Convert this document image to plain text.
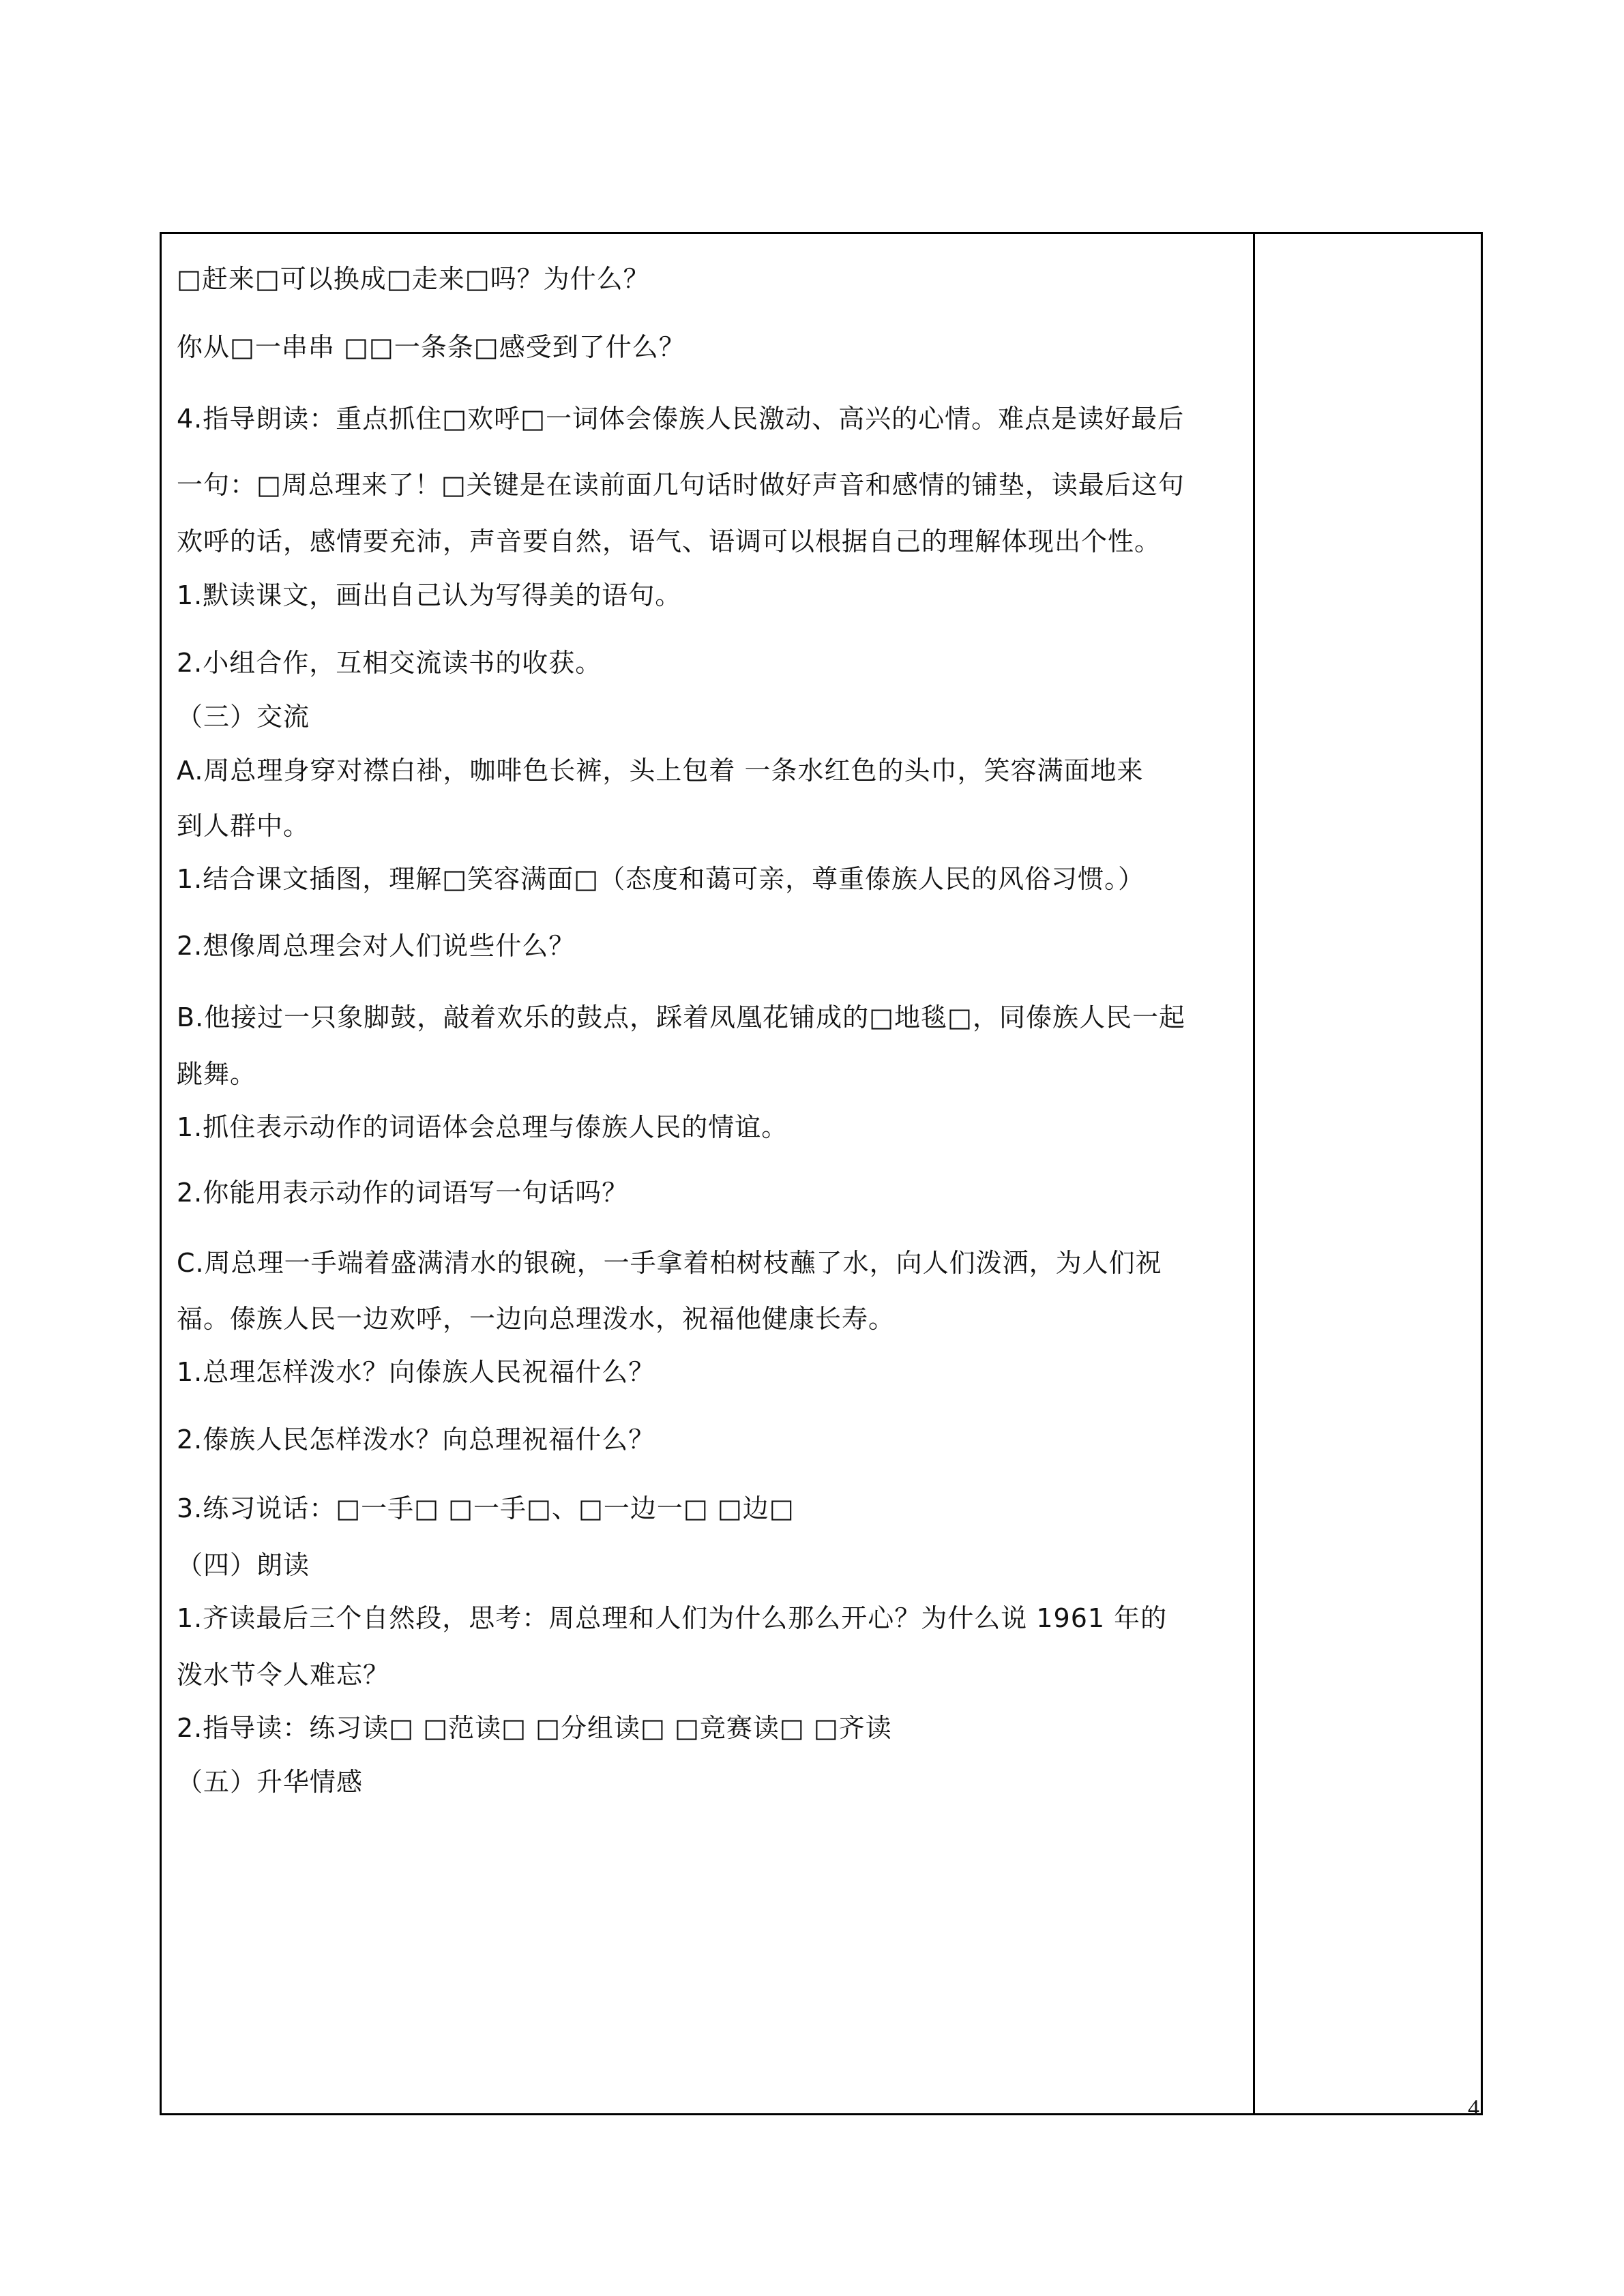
□赶来□可以换成□走来□吗？为什么？
你从□一串串 □□一条条□感受到了什么？
4.指导朗读：重点抓住□欢呼□一词体会傣族人民激动、高兴的心情。难点是读好最后
一句：□周总理来了！□关键是在读前面几句话时做好声音和感情的铺垫，读最后这句
欢呼的话，感情要充沛，声音要自然，语气、语调可以根据自己的理解体现出个性。
1.默读课文，画出自己认为写得美的语句。
2.小组合作，互相交流读书的收获。
（三）交流
A.周总理身穿对襟白褂，咖啡色长裤，头上包着 一条水红色的头巾，笑容满面地来
到人群中。
1.结合课文插图，理解□笑容满面□（态度和蔼可亲，尊重傣族人民的风俗习惯。）
2.想像周总理会对人们说些什么？
B.他接过一只象脚鼓，敲着欢乐的鼓点，踩着凤凰花铺成的□地毯□，同傣族人民一起
跳舞。
1.抓住表示动作的词语体会总理与傣族人民的情谊。
2.你能用表示动作的词语写一句话吗？
C.周总理一手端着盛满清水的银碗，一手拿着柏树枝蘸了水，向人们泼洒，为人们祝
福。傣族人民一边欢呼，一边向总理泼水，祝福他健康长寿。
1.总理怎样泼水？向傣族人民祝福什么？
2.傣族人民怎样泼水？向总理祝福什么？
3.练习说话：□一手□ □一手□、□一边一□ □边□
（四）朗读
1.齐读最后三个自然段，思考：周总理和人们为什么那么开心？为什么说 1961 年的
泼水节令人难忘？
2.指导读：练习读□ □范读□ □分组读□ □竞赛读□ □齐读
（五）升华情感
4
